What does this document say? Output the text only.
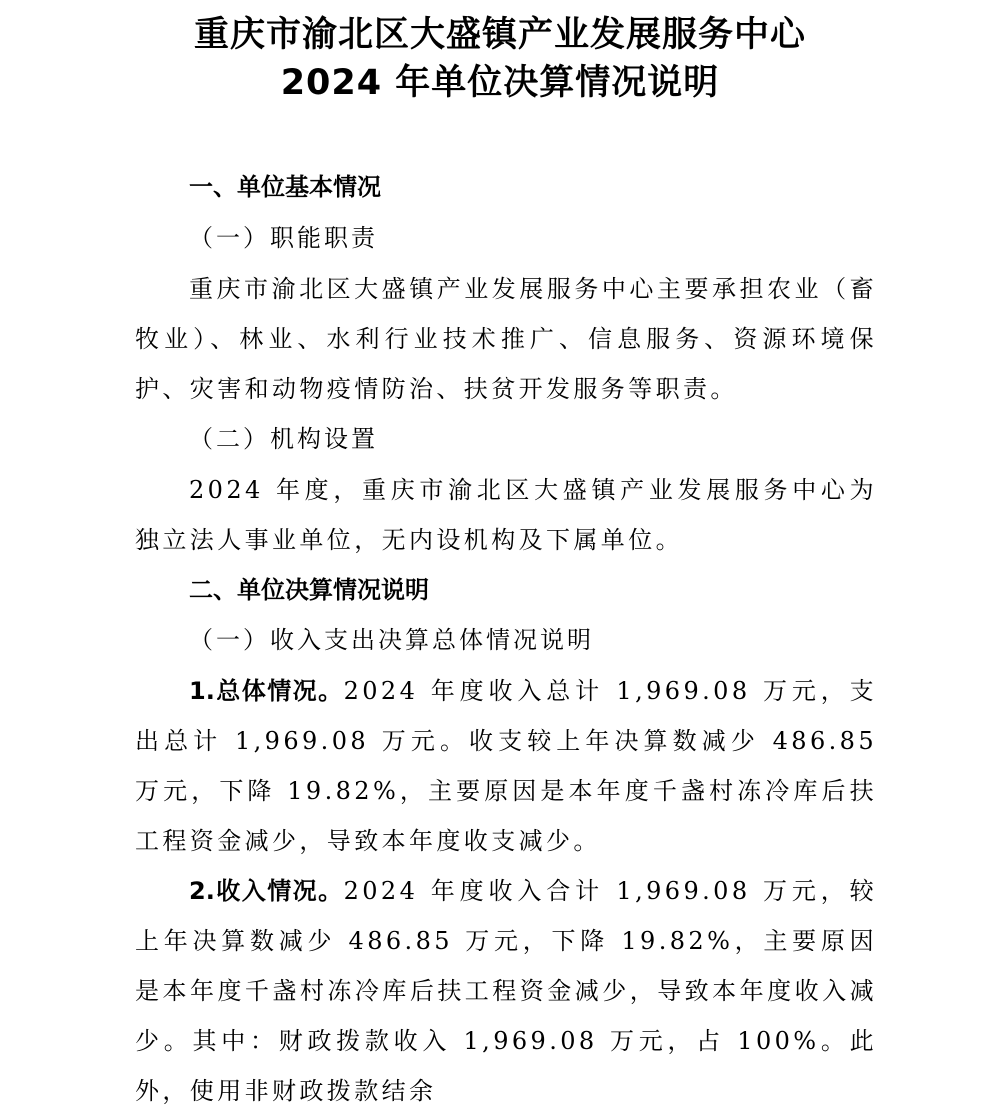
重庆市渝北区大盛镇产业发展服务中心
2024 年单位决算情况说明

一、单位基本情况

（一）职能职责

重庆市渝北区大盛镇产业发展服务中心主要承担农业（畜牧业）、林业、水利行业技术推广、信息服务、资源环境保护、灾害和动物疫情防治、扶贫开发服务等职责。

（二）机构设置

2024 年度，重庆市渝北区大盛镇产业发展服务中心为独立法人事业单位，无内设机构及下属单位。

二、单位决算情况说明

（一）收入支出决算总体情况说明

1.总体情况。2024 年度收入总计 1,969.08 万元，支出总计 1,969.08 万元。收支较上年决算数减少 486.85 万元，下降 19.82%，主要原因是本年度千盏村冻冷库后扶工程资金减少，导致本年度收支减少。

2.收入情况。2024 年度收入合计 1,969.08 万元，较上年决算数减少 486.85 万元，下降 19.82%，主要原因是本年度千盏村冻冷库后扶工程资金减少，导致本年度收入减少。其中：财政拨款收入 1,969.08 万元，占 100%。此外，使用非财政拨款结余
